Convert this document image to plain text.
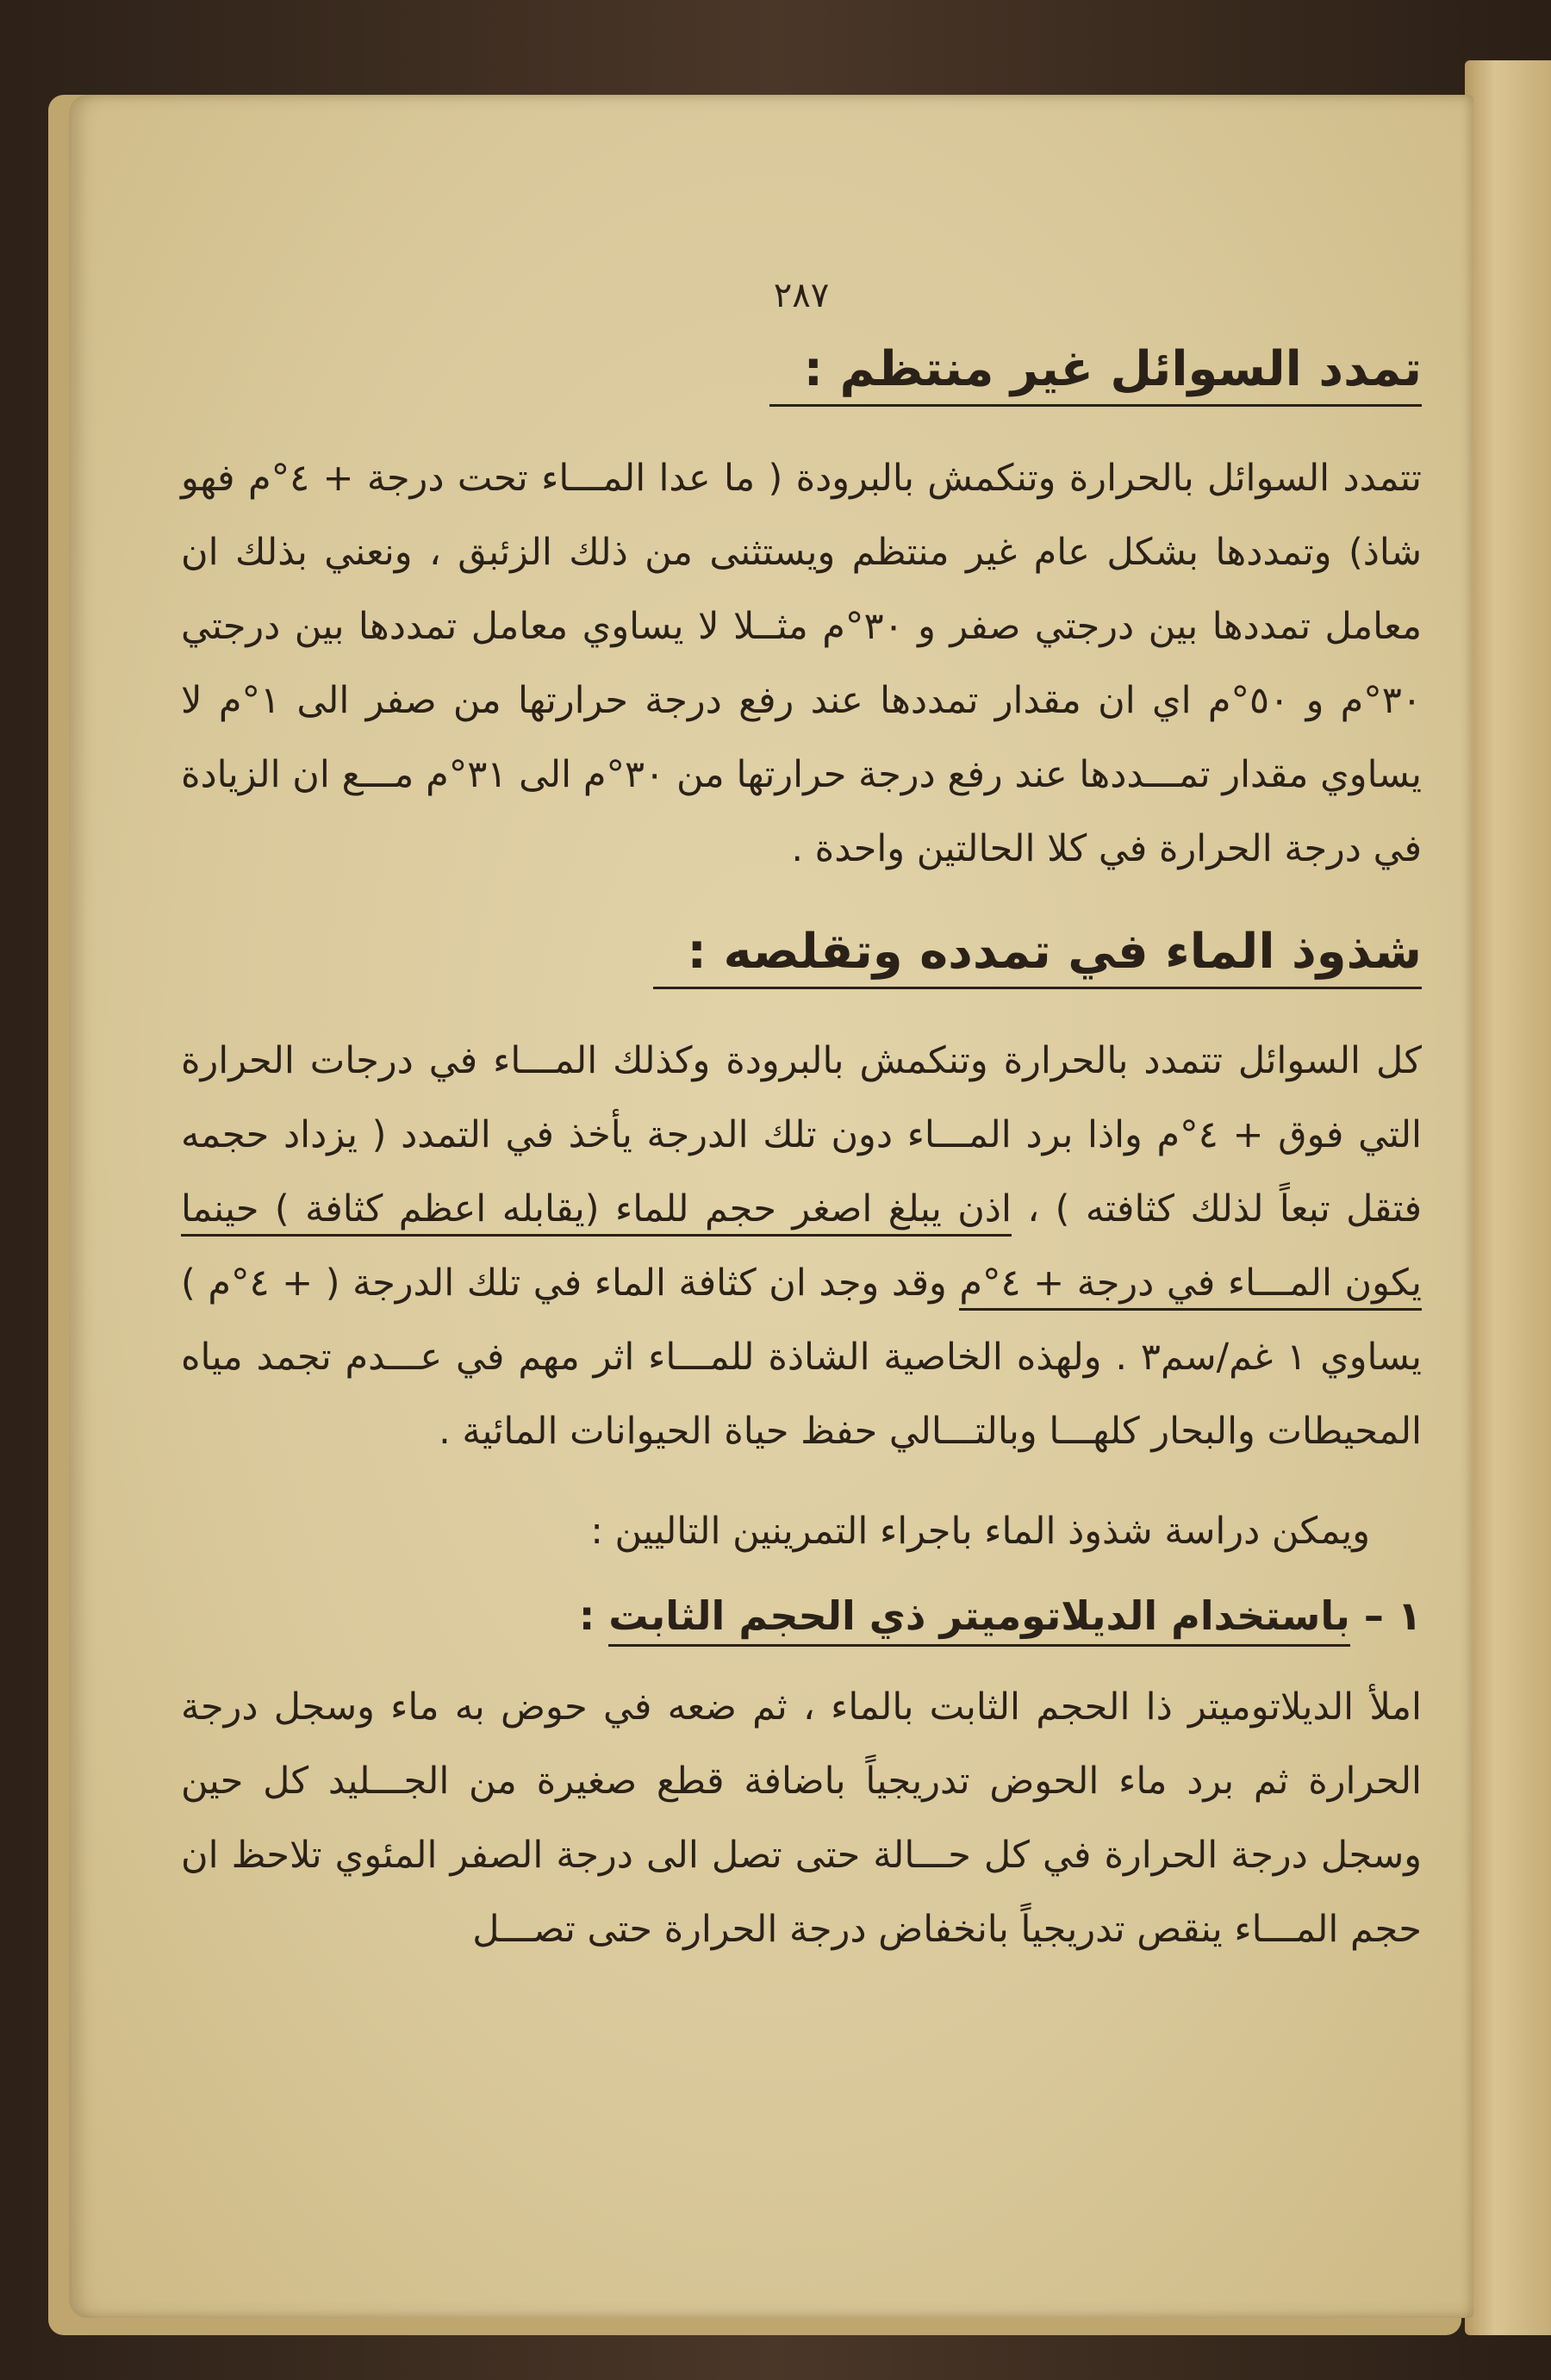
٢٨٧
تمدد السوائل غير منتظم :

تتمدد السوائل بالحرارة وتنكمش بالبرودة ( ما عدا المـــاء تحت درجة + ٤°م فهو شاذ) وتمددها بشكل عام غير منتظم ويستثنى من ذلك الزئبق ، ونعني بذلك ان معامل تمددها بين درجتي صفر و ٣٠°م مثــلا لا يساوي معامل تمددها بين درجتي ٣٠°م و ٥٠°م اي ان مقدار تمددها عند رفع درجة حرارتها من صفر الى ١°م لا يساوي مقدار تمـــددها عند رفع درجة حرارتها من ٣٠°م الى ٣١°م مـــع ان الزيادة في درجة الحرارة في كلا الحالتين واحدة .

شذوذ الماء في تمدده وتقلصه :

كل السوائل تتمدد بالحرارة وتنكمش بالبرودة وكذلك المـــاء في درجات الحرارة التي فوق + ٤°م واذا برد المـــاء دون تلك الدرجة يأخذ في التمدد ( يزداد حجمه فتقل تبعاً لذلك كثافته ) ، اذن يبلغ اصغر حجم للماء (يقابله اعظم كثافة ) حينما يكون المـــاء في درجة + ٤°م وقد وجد ان كثافة الماء في تلك الدرجة ( + ٤°م ) يساوي ١ غم/سم٣ . ولهذه الخاصية الشاذة للمـــاء اثر مهم في عـــدم تجمد مياه المحيطات والبحار كلهـــا وبالتـــالي حفظ حياة الحيوانات المائية .

ويمكن دراسة شذوذ الماء باجراء التمرينين التاليين :

١ – باستخدام الديلاتوميتر ذي الحجم الثابت :

املأ الديلاتوميتر ذا الحجم الثابت بالماء ، ثم ضعه في حوض به ماء وسجل درجة الحرارة ثم برد ماء الحوض تدريجياً باضافة قطع صغيرة من الجـــليد كل حين وسجل درجة الحرارة في كل حـــالة حتى تصل الى درجة الصفر المئوي تلاحظ ان حجم المـــاء ينقص تدريجياً بانخفاض درجة الحرارة حتى تصـــل
